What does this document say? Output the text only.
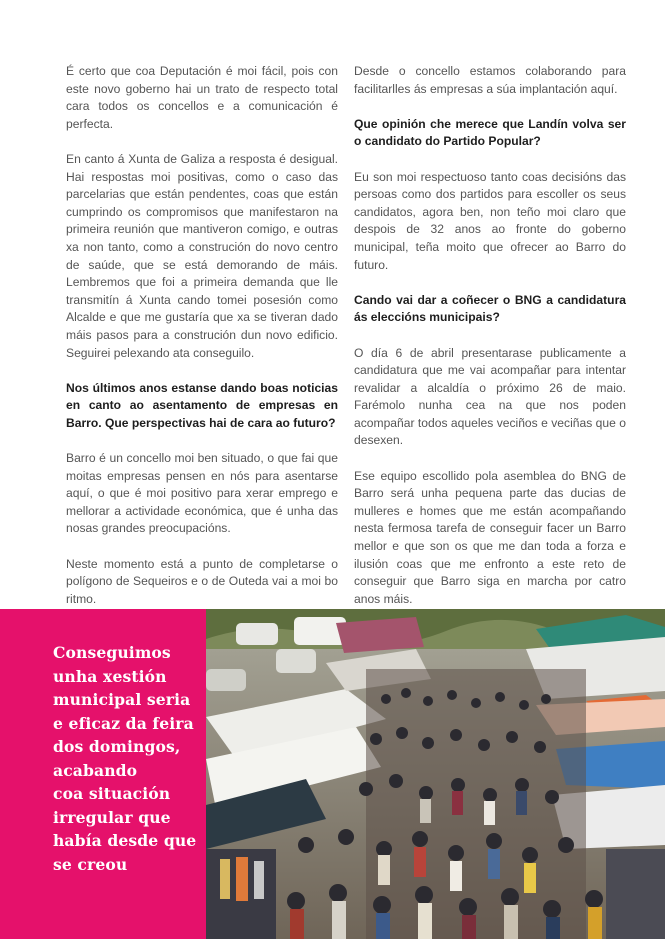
É certo que coa Deputación é moi fácil, pois con este novo goberno hai un trato de respecto total cara todos os concellos e a comunicación é perfecta.

En canto á Xunta de Galiza a resposta é desigual. Hai respostas moi positivas, como o caso das parcelarias que están pendentes, coas que están cumprindo os compromisos que manifestaron na primeira reunión que mantiveron comigo, e outras xa non tanto, como a construción do novo centro de saúde, que se está demorando de máis. Lembremos que foi a primeira demanda que lle transmitín á Xunta cando tomei posesión como Alcalde e que me gustaría que xa se tiveran dado máis pasos para a construción dun novo edificio. Seguirei pelexando ata conseguilo.

Nos últimos anos estanse dando boas noticias en canto ao asentamento de empresas en Barro. Que perspectivas hai de cara ao futuro?

Barro é un concello moi ben situado, o que fai que moitas empresas pensen en nós para asentarse aquí, o que é moi positivo para xerar emprego e mellorar a actividade económica, que é unha das nosas grandes preocupacións.

Neste momento está a punto de completarse o polígono de Sequeiros e o de Outeda vai a moi bo ritmo.

Desde o concello estamos colaborando para facilitarlles ás empresas a súa implantación aquí.

Que opinión che merece que Landín volva ser o candidato do Partido Popular?

Eu son moi respectuoso tanto coas decisións das persoas como dos partidos para escoller os seus candidatos, agora ben, non teño moi claro que despois de 32 anos ao fronte do goberno municipal, teña moito que ofrecer ao Barro do futuro.

Cando vai dar a coñecer o BNG a candidatura ás eleccións municipais?

O día 6 de abril presentarase publicamente a candidatura que me vai acompañar para intentar revalidar a alcaldía o próximo 26 de maio. Farémolo nunha cea na que nos poden acompañar todos aqueles veciños e veciñas que o desexen.

Ese equipo escollido pola asemblea do BNG de Barro será unha pequena parte das ducias de mulleres e homes que me están acompañando nesta fermosa tarefa de conseguir facer un Barro mellor e que son os que me dan toda a forza e ilusión coas que me enfronto a este reto de conseguir que Barro siga en marcha por catro anos máis.

Conseguimos
unha xestión
municipal seria
e eficaz da feira
dos domingos,
acabando
coa situación
irregular que
había desde que
se creou
